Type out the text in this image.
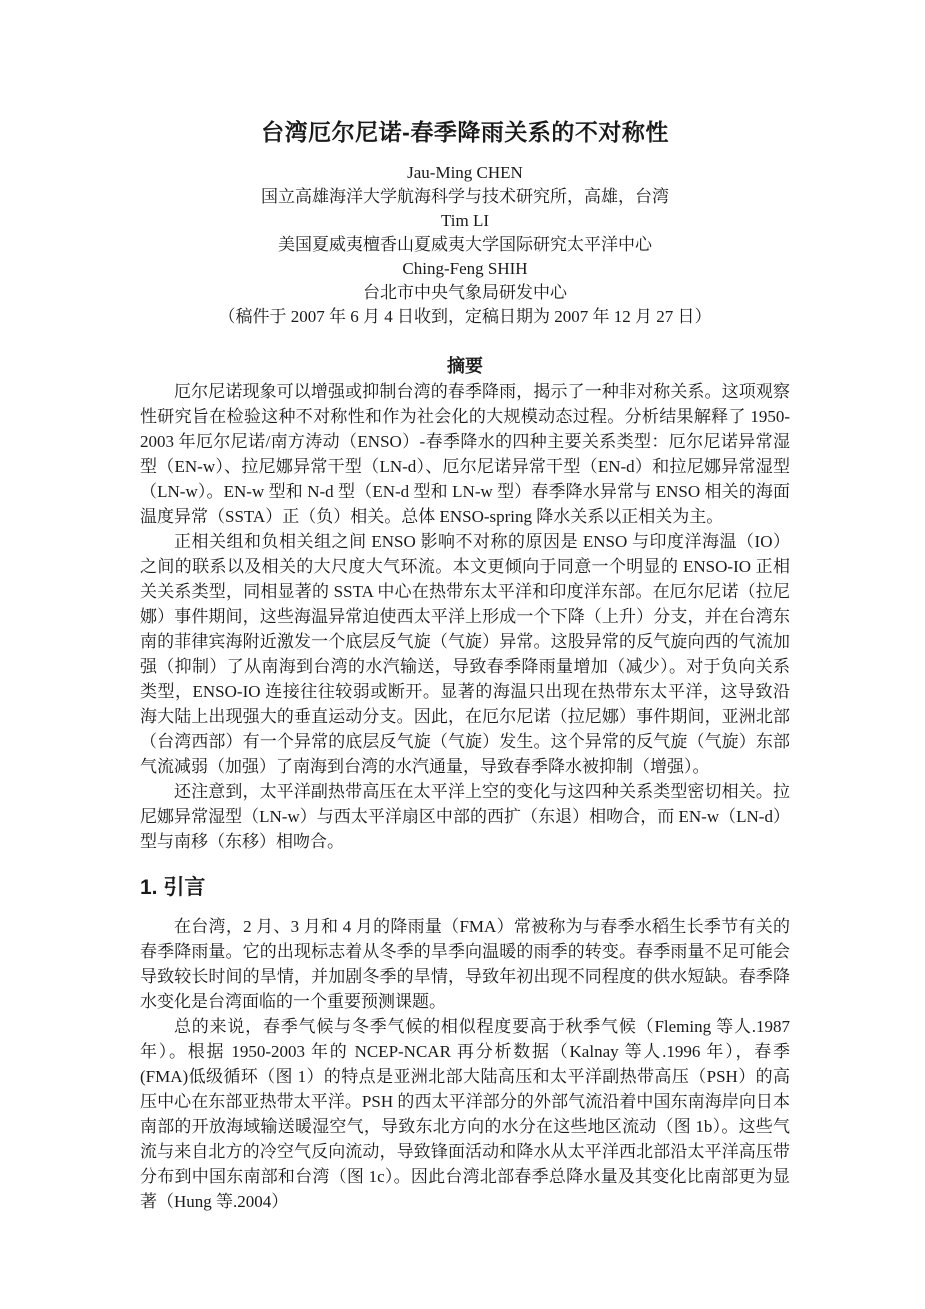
台湾厄尔尼诺-春季降雨关系的不对称性
Jau-Ming CHEN
国立高雄海洋大学航海科学与技术研究所，高雄，台湾
Tim LI
美国夏威夷檀香山夏威夷大学国际研究太平洋中心
Ching-Feng SHIH
台北市中央气象局研发中心
（稿件于 2007 年 6 月 4 日收到，定稿日期为 2007 年 12 月 27 日）
摘要

厄尔尼诺现象可以增强或抑制台湾的春季降雨，揭示了一种非对称关系。这项观察性研究旨在检验这种不对称性和作为社会化的大规模动态过程。分析结果解释了 1950-2003 年厄尔尼诺/南方涛动（ENSO）-春季降水的四种主要关系类型：厄尔尼诺异常湿型（EN-w）、拉尼娜异常干型（LN-d）、厄尔尼诺异常干型（EN-d）和拉尼娜异常湿型（LN-w）。EN-w 型和 N-d 型（EN-d 型和 LN-w 型）春季降水异常与 ENSO 相关的海面温度异常（SSTA）正（负）相关。总体 ENSO-spring 降水关系以正相关为主。

正相关组和负相关组之间 ENSO 影响不对称的原因是 ENSO 与印度洋海温（IO）之间的联系以及相关的大尺度大气环流。本文更倾向于同意一个明显的 ENSO-IO 正相关关系类型，同相显著的 SSTA 中心在热带东太平洋和印度洋东部。在厄尔尼诺（拉尼娜）事件期间，这些海温异常迫使西太平洋上形成一个下降（上升）分支，并在台湾东南的菲律宾海附近激发一个底层反气旋（气旋）异常。这股异常的反气旋向西的气流加强（抑制）了从南海到台湾的水汽输送，导致春季降雨量增加（减少）。对于负向关系类型，ENSO-IO 连接往往较弱或断开。显著的海温只出现在热带东太平洋，这导致沿海大陆上出现强大的垂直运动分支。因此，在厄尔尼诺（拉尼娜）事件期间，亚洲北部（台湾西部）有一个异常的底层反气旋（气旋）发生。这个异常的反气旋（气旋）东部气流减弱（加强）了南海到台湾的水汽通量，导致春季降水被抑制（增强）。

还注意到，太平洋副热带高压在太平洋上空的变化与这四种关系类型密切相关。拉尼娜异常湿型（LN-w）与西太平洋扇区中部的西扩（东退）相吻合，而 EN-w（LN-d）型与南移（东移）相吻合。

1. 引言

在台湾，2 月、3 月和 4 月的降雨量（FMA）常被称为与春季水稻生长季节有关的春季降雨量。它的出现标志着从冬季的旱季向温暖的雨季的转变。春季雨量不足可能会导致较长时间的旱情，并加剧冬季的旱情，导致年初出现不同程度的供水短缺。春季降水变化是台湾面临的一个重要预测课题。

总的来说，春季气候与冬季气候的相似程度要高于秋季气候（Fleming 等人.1987 年）。根据 1950-2003 年的 NCEP-NCAR 再分析数据（Kalnay 等人.1996 年），春季(FMA)低级循环（图 1）的特点是亚洲北部大陆高压和太平洋副热带高压（PSH）的高压中心在东部亚热带太平洋。PSH 的西太平洋部分的外部气流沿着中国东南海岸向日本南部的开放海域输送暖湿空气，导致东北方向的水分在这些地区流动（图 1b）。这些气流与来自北方的冷空气反向流动，导致锋面活动和降水从太平洋西北部沿太平洋高压带分布到中国东南部和台湾（图 1c）。因此台湾北部春季总降水量及其变化比南部更为显著（Hung 等.2004）
